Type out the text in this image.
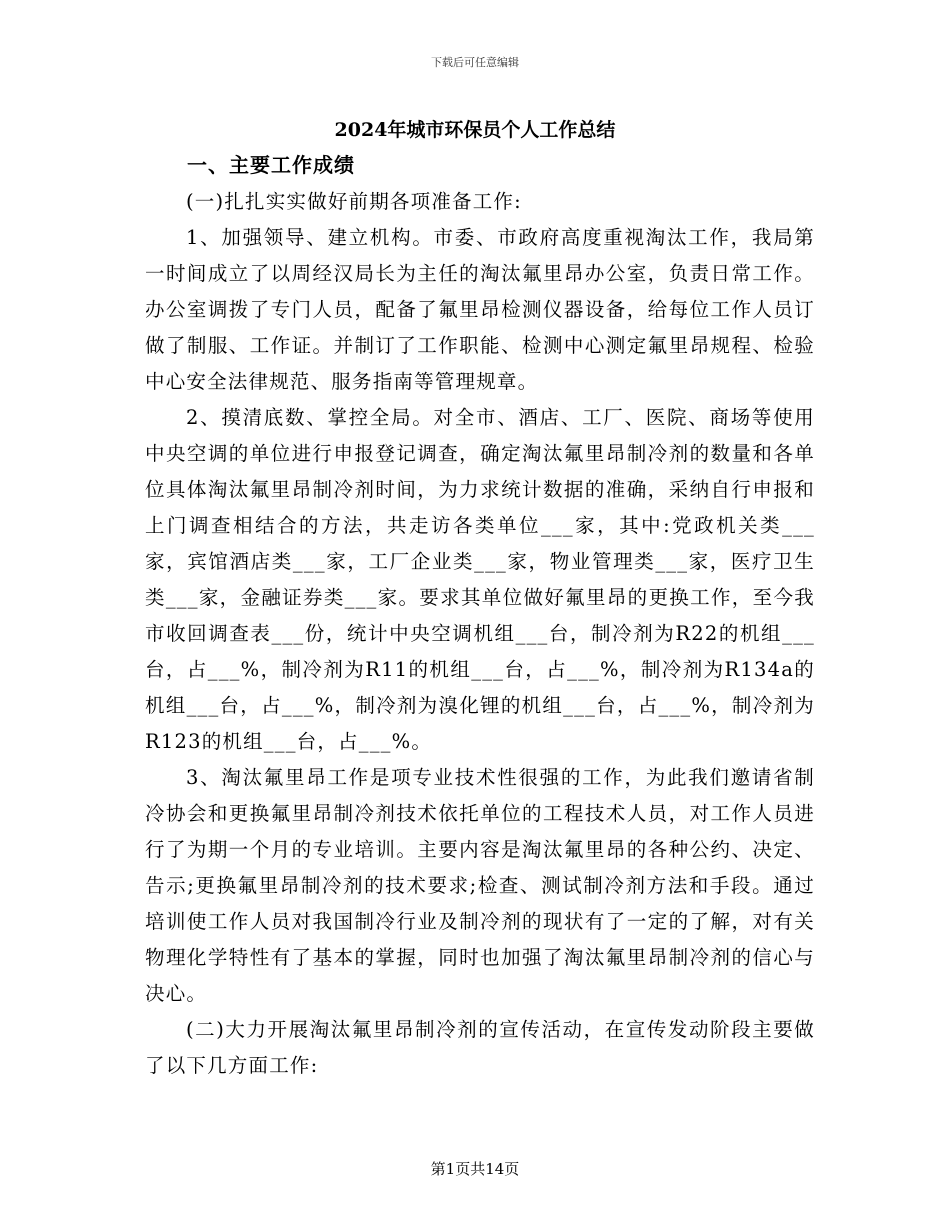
下载后可任意编辑
2024年城市环保员个人工作总结

一、主要工作成绩

(一)扎扎实实做好前期各项准备工作:

1、加强领导、建立机构。市委、市政府高度重视淘汰工作，我局第一时间成立了以周经汉局长为主任的淘汰氟里昂办公室，负责日常工作。办公室调拨了专门人员，配备了氟里昂检测仪器设备，给每位工作人员订做了制服、工作证。并制订了工作职能、检测中心测定氟里昂规程、检验中心安全法律规范、服务指南等管理规章。

2、摸清底数、掌控全局。对全市、酒店、工厂、医院、商场等使用中央空调的单位进行申报登记调查，确定淘汰氟里昂制冷剂的数量和各单位具体淘汰氟里昂制冷剂时间，为力求统计数据的准确，采纳自行申报和上门调查相结合的方法，共走访各类单位___家，其中:党政机关类___家，宾馆酒店类___家，工厂企业类___家，物业管理类___家，医疗卫生类___家，金融证券类___家。要求其单位做好氟里昂的更换工作，至今我市收回调查表___份，统计中央空调机组___台，制冷剂为R22的机组___台，占___%，制冷剂为R11的机组___台，占___%，制冷剂为R134a的机组___台，占___%，制冷剂为溴化锂的机组___台，占___%，制冷剂为R123的机组___台，占___%。

3、淘汰氟里昂工作是项专业技术性很强的工作，为此我们邀请省制冷协会和更换氟里昂制冷剂技术依托单位的工程技术人员，对工作人员进行了为期一个月的专业培训。主要内容是淘汰氟里昂的各种公约、决定、告示;更换氟里昂制冷剂的技术要求;检查、测试制冷剂方法和手段。通过培训使工作人员对我国制冷行业及制冷剂的现状有了一定的了解，对有关物理化学特性有了基本的掌握，同时也加强了淘汰氟里昂制冷剂的信心与决心。

(二)大力开展淘汰氟里昂制冷剂的宣传活动，在宣传发动阶段主要做了以下几方面工作:

第1页共14页
